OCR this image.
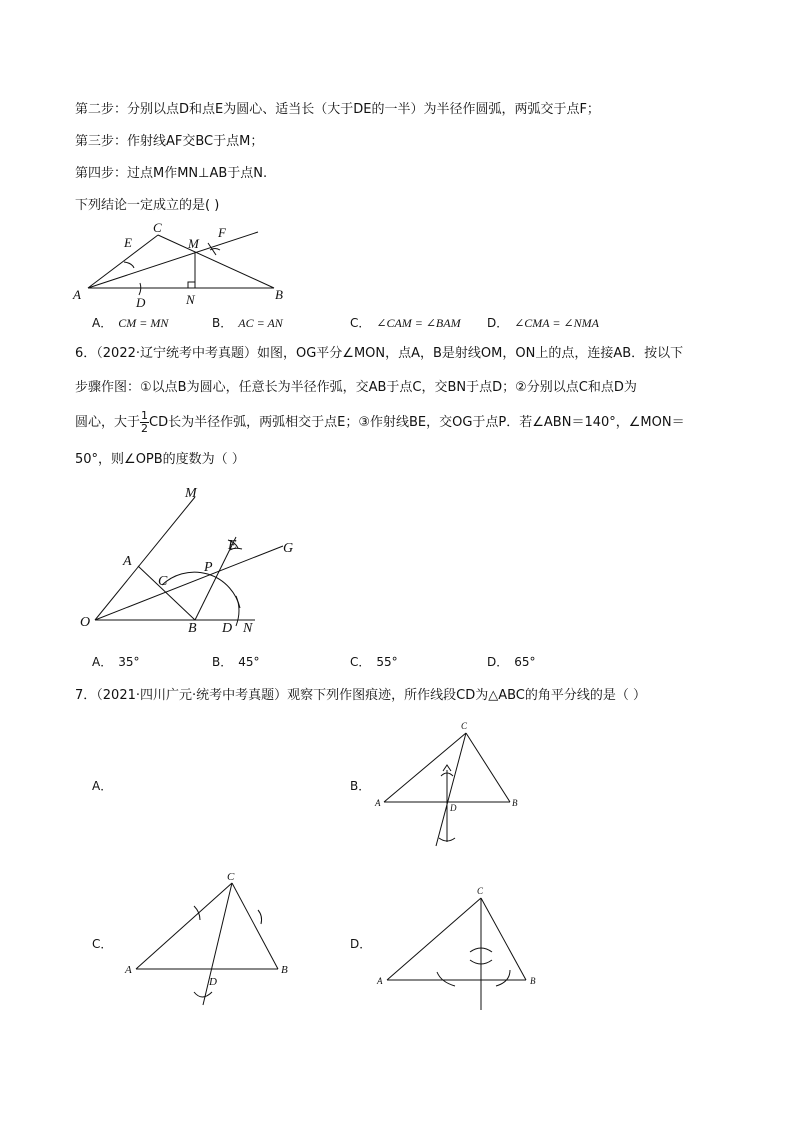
第二步：分别以点D和点E为圆心、适当长（大于DE的一半）为半径作圆弧，两弧交于点F；
第三步：作射线AF交BC于点M；
第四步：过点M作MN⊥AB于点N.
下列结论一定成立的是( )
A	B
C
D
E
F
M
N
A． CM = MN	B． AC = AN	C． ∠CAM = ∠BAM D． ∠CMA = ∠NMA
6．（2022·辽宁统考中考真题）如图，OG平分∠MON，点A，B是射线OM，ON上的点，连接AB．按以下
步骤作图：①以点B为圆心，任意长为半径作弧，交AB于点C，交BN于点D；②分别以点C和点D为
圆心，大于 $\frac{1}{2}$ CD长为半径作弧，两弧相交于点E；③作射线BE，交OG于点P．若∠ABN＝140°，∠MON＝
50°，则∠OPB的度数为（ ）
M
A
C
P
E	G
O	B D N
A． 35°	B． 45°	C． 55°	D． 65°
7．（2021·四川广元·统考中考真题）观察下列作图痕迹，所作线段CD为△ABC的角平分线的是（ ）
A．	B．
C．	D．
A	B
C
D
A	B
C
D	A	B
C
